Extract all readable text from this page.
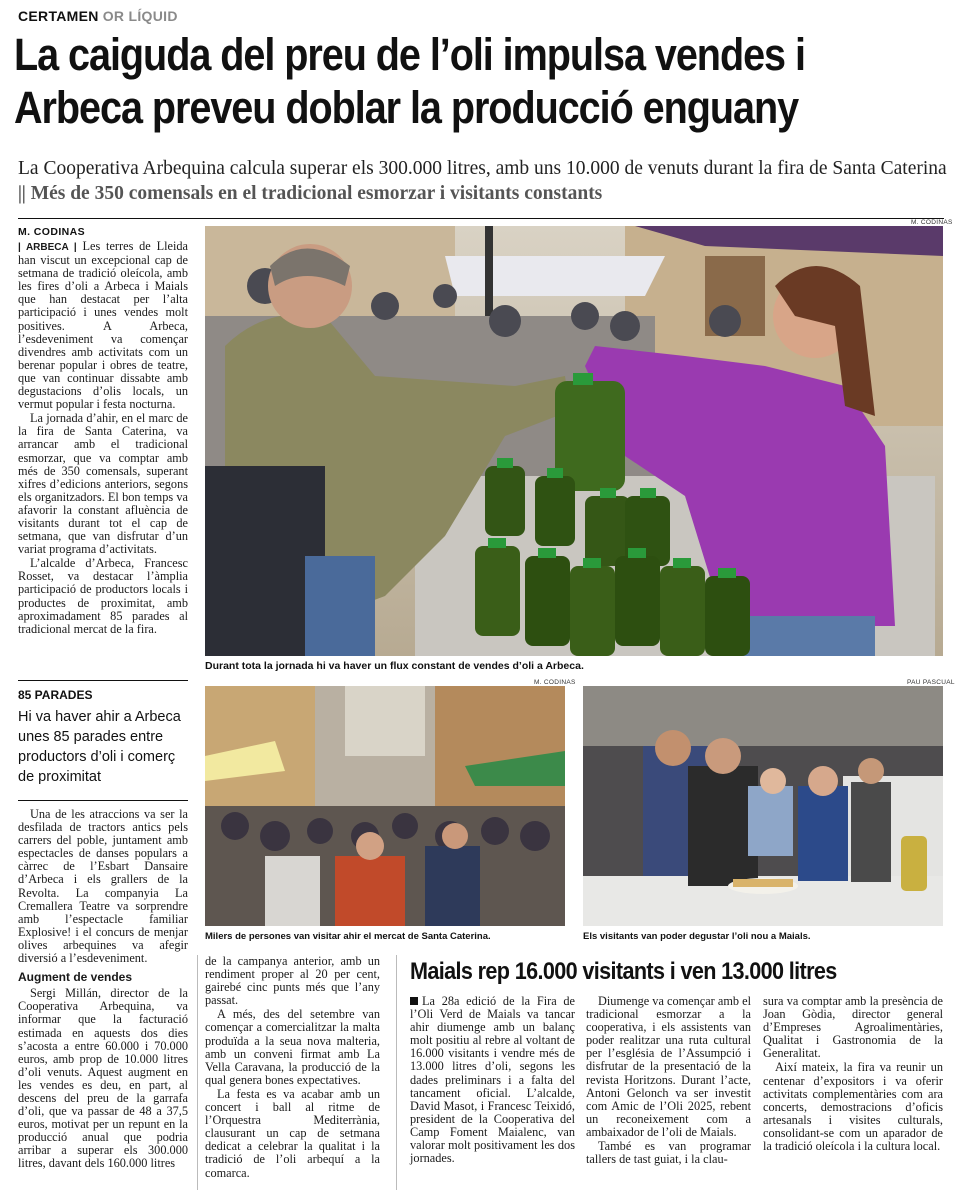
CERTAMEN OR LÍQUID
La caiguda del preu de l’oli impulsa vendes i
Arbeca preveu doblar la producció enguany
La Cooperativa Arbequina calcula superar els 300.000 litres, amb uns 10.000 de venuts durant la fira de Santa Caterina || Més de 350 comensals en el tradicional esmorzar i visitants constants
M. CODINAS

| ARBECA | Les terres de Lleida han viscut un excepcional cap de setmana de tradició oleícola, amb les fires d’oli a Arbeca i Maials que han destacat per l’alta participació i unes vendes molt positives. A Arbeca, l’esdeveniment va començar divendres amb activitats com un berenar popular i obres de teatre, que van continuar dissabte amb degustacions d’olis locals, un vermut popular i festa nocturna.

La jornada d’ahir, en el marc de la fira de Santa Caterina, va arrancar amb el tradicional esmorzar, que va comptar amb més de 350 comensals, superant xifres d’edicions anteriors, segons els organitzadors. El bon temps va afavorir la constant afluència de visitants durant tot el cap de setmana, que van disfrutar d’un variat programa d’activitats.

L’alcalde d’Arbeca, Francesc Rosset, va destacar l’àmplia participació de productors locals i productes de proximitat, amb aproximadament 85 parades al tradicional mercat de la fira.

M. CODINAS
Durant tota la jornada hi va haver un flux constant de vendes d’oli a Arbeca.
85 PARADES
Hi va haver ahir a Arbeca unes 85 parades entre productors d’oli i comerç de proximitat

Una de les atraccions va ser la desfilada de tractors antics pels carrers del poble, juntament amb espectacles de danses populars a càrrec de l’Esbart Dansaire d’Arbeca i els grallers de la Revolta. La companyia La Cremallera Teatre va sorprendre amb l’espectacle familiar Explosive! i el concurs de menjar olives arbequines va afegir diversió a l’esdeveniment.

Augment de vendes

Sergi Millán, director de la Cooperativa Arbequina, va informar que la facturació estimada en aquests dos dies s’acosta a entre 60.000 i 70.000 euros, amb prop de 10.000 litres d’oli venuts. Aquest augment en les vendes es deu, en part, al descens del preu de la garrafa d’oli, que va passar de 48 a 37,5 euros, motivat per un repunt en la producció anual que podria arribar a superar els 300.000 litres, davant dels 160.000 litres

M. CODINAS
Milers de persones van visitar ahir el mercat de Santa Caterina.
PAU PASCUAL
Els visitants van poder degustar l’oli nou a Maials.

de la campanya anterior, amb un rendiment proper al 20 per cent, gairebé cinc punts més que l’any passat.

A més, des del setembre van començar a comercialitzar la malta produïda a la seua nova malteria, amb un conveni firmat amb La Vella Caravana, la producció de la qual genera bones expectatives.

La festa es va acabar amb un concert i ball al ritme de l’Orquestra Mediterrània, clausurant un cap de setmana dedicat a celebrar la qualitat i la tradició de l’oli arbequí a la comarca.

Maials rep 16.000 visitants i ven 13.000 litres

La 28a edició de la Fira de l’Oli Verd de Maials va tancar ahir diumenge amb un balanç molt positiu al rebre al voltant de 16.000 visitants i vendre més de 13.000 litres d’oli, segons les dades preliminars i a falta del tancament oficial. L’alcalde, David Masot, i Francesc Teixidó, president de la Cooperativa del Camp Foment Maialenc, van valorar molt positivament les dos jornades.

Diumenge va començar amb el tradicional esmorzar a la cooperativa, i els assistents van poder realitzar una ruta cultural per l’església de l’Assumpció i disfrutar de la presentació de la revista Horitzons. Durant l’acte, Antoni Gelonch va ser investit com Amic de l’Oli 2025, rebent un reconeixement com a ambaixador de l’oli de Maials.

També es van programar tallers de tast guiat, i la clau-

sura va comptar amb la presència de Joan Gòdia, director general d’Empreses Agroalimentàries, Qualitat i Gastronomia de la Generalitat.

Així mateix, la fira va reunir un centenar d’expositors i va oferir activitats complementàries com ara concerts, demostracions d’oficis artesanals i visites culturals, consolidant-se com un aparador de la tradició oleícola i la cultura local.
